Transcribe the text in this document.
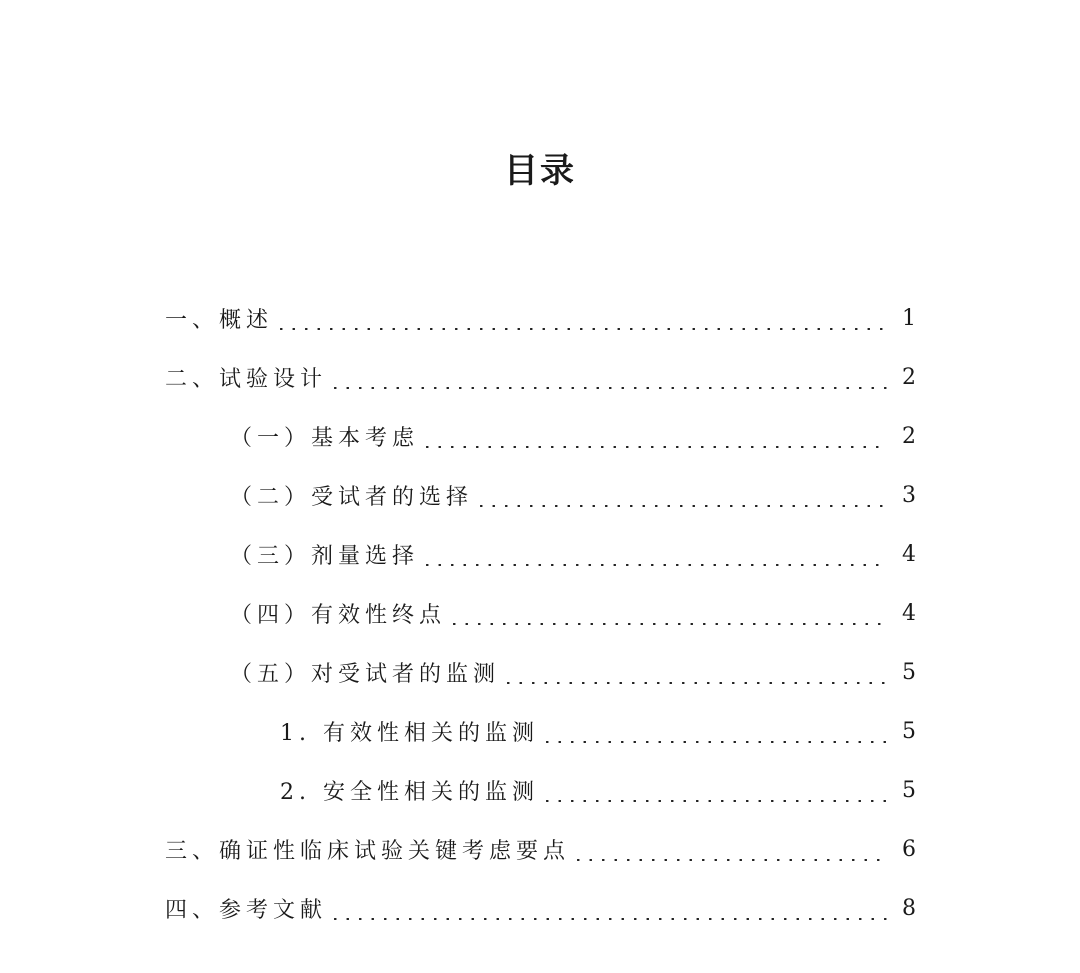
目录
一、概述	1
二、试验设计	2
（一）基本考虑	2
（二）受试者的选择	3
（三）剂量选择	4
（四）有效性终点	4
（五）对受试者的监测	5
1. 有效性相关的监测	5
2. 安全性相关的监测	5
三、确证性临床试验关键考虑要点	6
四、参考文献	8
